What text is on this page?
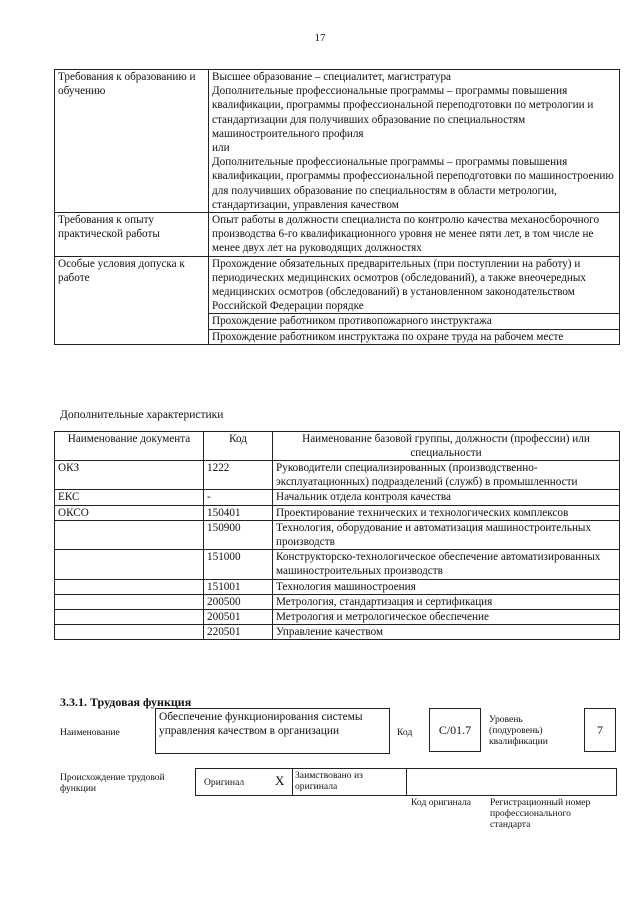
17
Требования к образованию и обучению	Высшее образование – специалитет, магистратура
Дополнительные профессиональные программы – программы повышения квалификации, программы профессиональной переподготовки по метрологии и стандартизации для получивших образование по специальностям машиностроительного профиля
или
Дополнительные профессиональные программы – программы повышения квалификации, программы профессиональной переподготовки по машиностроению для получивших образование по специальностям в области метрологии, стандартизации, управления качеством
Требования к опыту практической работы	Опыт работы в должности специалиста по контролю качества механосборочного производства 6-го квалификационного уровня не менее пяти лет, в том числе не менее двух лет на руководящих должностях
Особые условия допуска к работе	Прохождение обязательных предварительных (при поступлении на работу) и периодических медицинских осмотров (обследований), а также внеочередных медицинских осмотров (обследований) в установленном законодательством Российской Федерации порядке
	Прохождение работником противопожарного инструктажа
	Прохождение работником инструктажа по охране труда на рабочем месте
Дополнительные характеристики
Наименование документа	Код	Наименование базовой группы, должности (профессии) или специальности
ОКЗ	1222	Руководители специализированных (производственно-эксплуатационных) подразделений (служб) в промышленности
ЕКС	-	Начальник отдела контроля качества
ОКСО	150401	Проектирование технических и технологических комплексов
	150900	Технология, оборудование и автоматизация машиностроительных производств
	151000	Конструкторско-технологическое обеспечение автоматизированных машиностроительных производств
	151001	Технология машиностроения
	200500	Метрология, стандартизация и сертификация
	200501	Метрология и метрологическое обеспечение
	220501	Управление качеством
3.3.1. Трудовая функция
Наименование
Обеспечение функционирования системы управления качеством в организации	Код	С/01.7
Уровень (подуровень) квалификации
7
Происхождение трудовой функции
Оригинал X Заимствовано из оригинала
Код оригинала Регистрационный номер профессионального стандарта
